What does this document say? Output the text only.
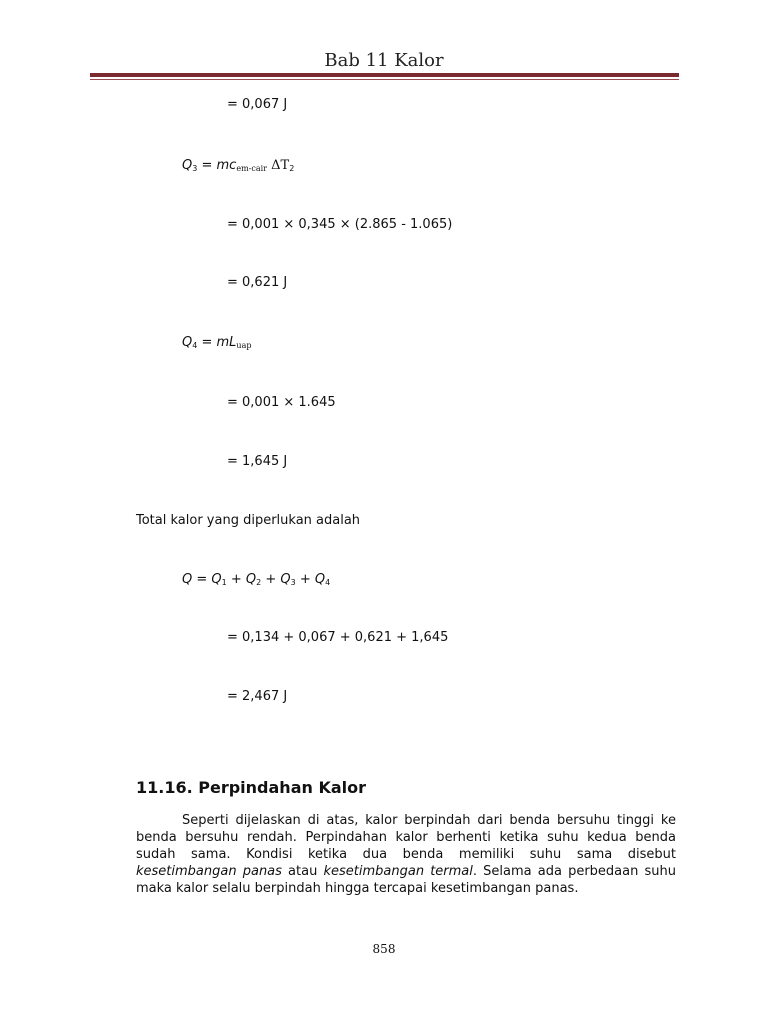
Bab 11 Kalor
= 0,067 J
$Q_3 = mc_{em-cair}$ $\Delta T_2$
= 0,001 × 0,345 × (2.865 - 1.065)
= 0,621 J
$Q_4 = mL_{uap}$
= 0,001 × 1.645
= 1,645 J
Total kalor yang diperlukan adalah
$Q = Q_1 + Q_2 + Q_3 + Q_4$
= 0,134 + 0,067 + 0,621 + 1,645
= 2,467 J
11.16. Perpindahan Kalor
Seperti dijelaskan di atas, kalor berpindah dari benda bersuhu tinggi ke benda bersuhu rendah. Perpindahan kalor berhenti ketika suhu kedua benda sudah sama. Kondisi ketika dua benda memiliki suhu sama disebut kesetimbangan panas atau kesetimbangan termal. Selama ada perbedaan suhu maka kalor selalu berpindah hingga tercapai kesetimbangan panas.
858
